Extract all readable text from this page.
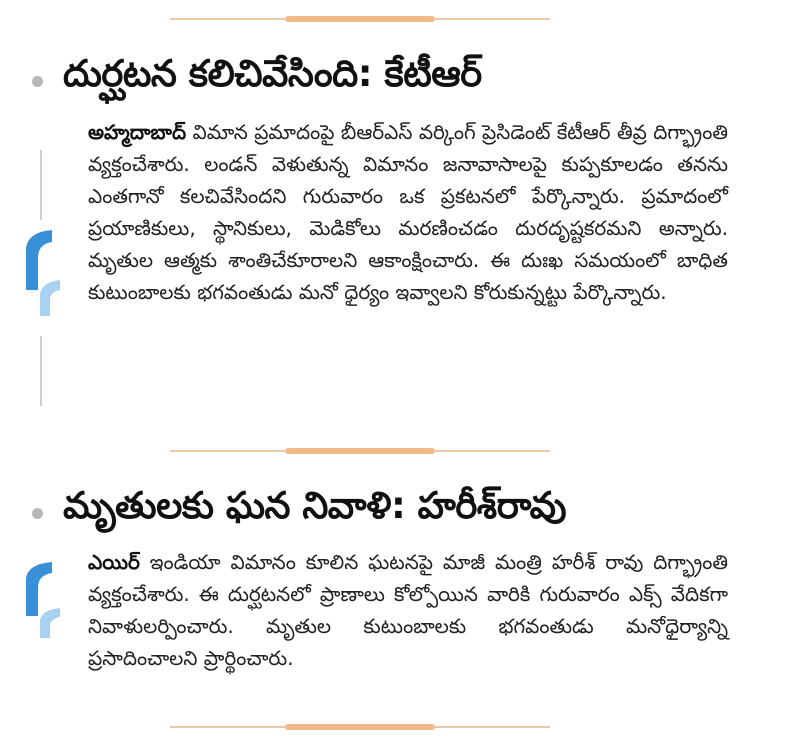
దుర్ఘటన కలిచివేసింది: కేటీఆర్
అహ్మదాబాద్ విమాన ప్రమాదంపై బీఆర్‌ఎస్ వర్కింగ్ ప్రెసిడెంట్ కేటీఆర్ తీవ్ర దిగ్భ్రాంతి వ్యక్తంచేశారు. లండన్ వెళుతున్న విమానం జనావాసాలపై కుప్పకూలడం తనను ఎంతగానో కలచివేసిందని గురువారం ఒక ప్రకటనలో పేర్కొన్నారు. ప్రమాదంలో ప్రయాణికులు, స్థానికులు, మెడికోలు మరణించడం దురదృష్టకరమని అన్నారు. మృతుల ఆత్మకు శాంతిచేకూరాలని ఆకాంక్షించారు. ఈ దుఃఖ సమయంలో బాధిత కుటుంబాలకు భగవంతుడు మనో ధైర్యం ఇవ్వాలని కోరుకున్నట్టు పేర్కొన్నారు.
మృతులకు ఘన నివాళి: హరీశ్‌రావు
ఎయిర్ ఇండియా విమానం కూలిన ఘటనపై మాజీ మంత్రి హరీశ్ రావు దిగ్భ్రాంతి వ్యక్తంచేశారు. ఈ దుర్ఘటనలో ప్రాణాలు కోల్పోయిన వారికి గురువారం ఎక్స్ వేదికగా నివాళులర్పించారు. మృతుల కుటుంబాలకు భగవంతుడు మనోధైర్యాన్ని ప్రసాదించాలని ప్రార్థించారు.
